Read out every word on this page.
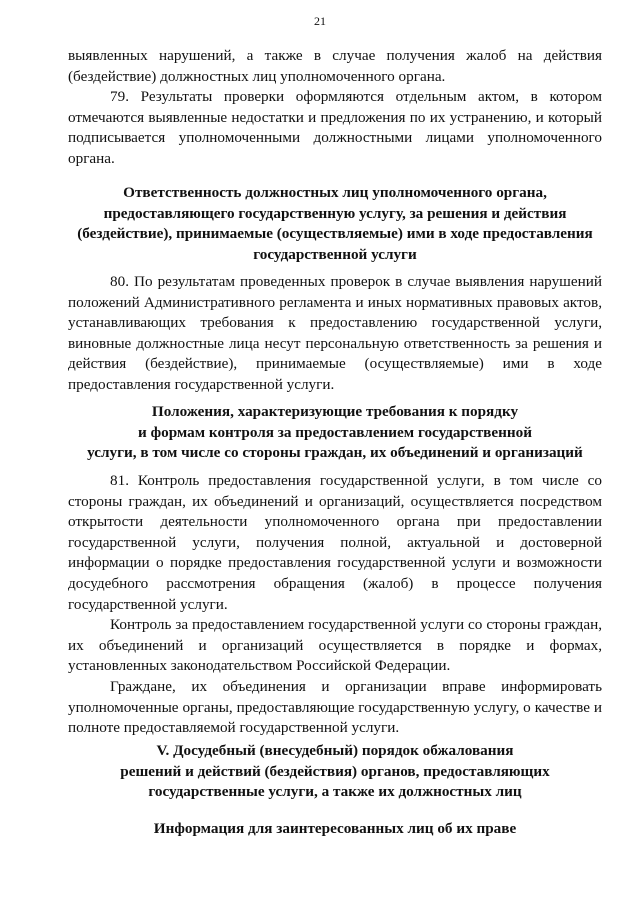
21

выявленных нарушений, а также в случае получения жалоб на действия (бездействие) должностных лиц уполномоченного органа.

79. Результаты проверки оформляются отдельным актом, в котором отмечаются выявленные недостатки и предложения по их устранению, и который подписывается уполномоченными должностными лицами уполномоченного органа.

Ответственность должностных лиц уполномоченного органа,
предоставляющего государственную услугу, за решения и действия
(бездействие), принимаемые (осуществляемые) ими в ходе предоставления
государственной услуги

80. По результатам проведенных проверок в случае выявления нарушений положений Административного регламента и иных нормативных правовых актов, устанавливающих требования к предоставлению государственной услуги, виновные должностные лица несут персональную ответственность за решения и действия (бездействие), принимаемые (осуществляемые) ими в ходе предоставления государственной услуги.

Положения, характеризующие требования к порядку
и формам контроля за предоставлением государственной
услуги, в том числе со стороны граждан, их объединений и организаций

81. Контроль предоставления государственной услуги, в том числе со стороны граждан, их объединений и организаций, осуществляется посредством открытости деятельности уполномоченного органа при предоставлении государственной услуги, получения полной, актуальной и достоверной информации о порядке предоставления государственной услуги и возможности досудебного рассмотрения обращения (жалоб) в процессе получения государственной услуги.

Контроль за предоставлением государственной услуги со стороны граждан, их объединений и организаций осуществляется в порядке и формах, установленных законодательством Российской Федерации.

Граждане, их объединения и организации вправе информировать уполномоченные органы, предоставляющие государственную услугу, о качестве и полноте предоставляемой государственной услуги.

V. Досудебный (внесудебный) порядок обжалования
решений и действий (бездействия) органов, предоставляющих
государственные услуги, а также их должностных лиц
Информация для заинтересованных лиц об их праве
